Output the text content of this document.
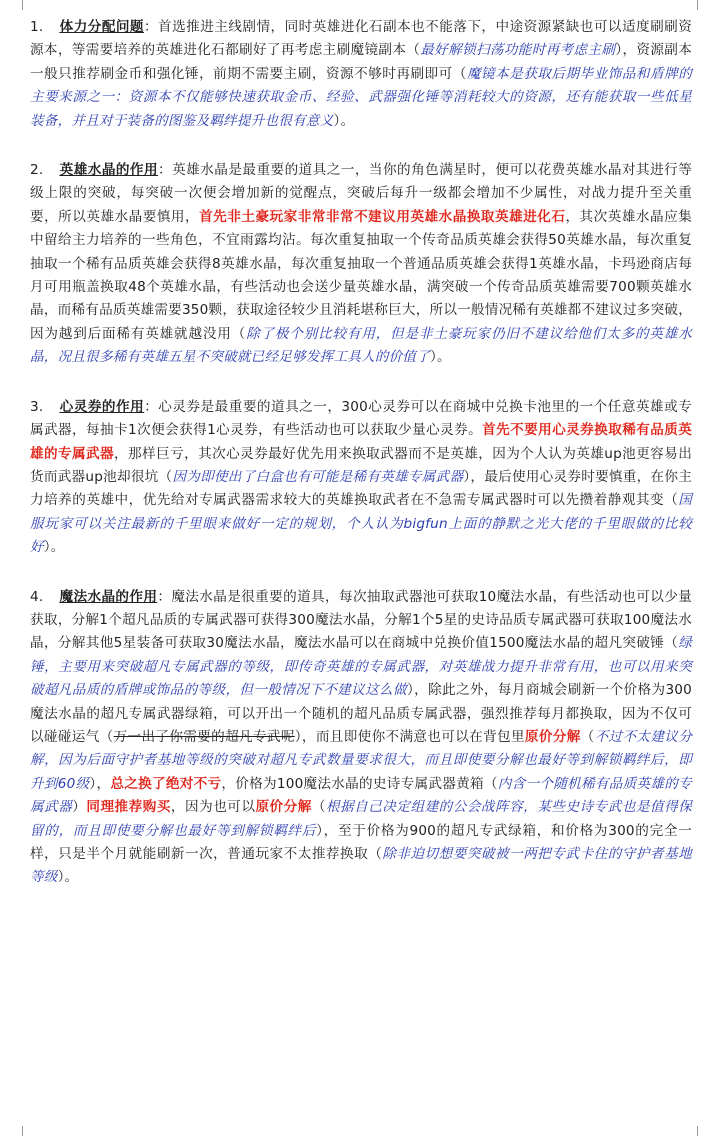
1. 体力分配问题：首选推进主线剧情，同时英雄进化石副本也不能落下，中途资源紧缺也可以适度刷刷资源本，等需要培养的英雄进化石都刷好了再考虑主刷魔镜副本（最好解锁扫荡功能时再考虑主刷），资源副本一般只推荐刷金币和强化锤，前期不需要主刷，资源不够时再刷即可（魔镜本是获取后期毕业饰品和盾牌的主要来源之一：资源本不仅能够快速获取金币、经验、武器强化锤等消耗较大的资源，还有能获取一些低星装备，并且对于装备的图鉴及羁绊提升也很有意义）。
2. 英雄水晶的作用：英雄水晶是最重要的道具之一，当你的角色满星时，便可以花费英雄水晶对其进行等级上限的突破，每突破一次便会增加新的觉醒点，突破后每升一级都会增加不少属性，对战力提升至关重要，所以英雄水晶要慎用，首先非土豪玩家非常非常不建议用英雄水晶换取英雄进化石，其次英雄水晶应集中留给主力培养的一些角色，不宜雨露均沾。每次重复抽取一个传奇品质英雄会获得50英雄水晶，每次重复抽取一个稀有品质英雄会获得8英雄水晶，每次重复抽取一个普通品质英雄会获得1英雄水晶，卡玛逊商店每月可用瓶盖换取48个英雄水晶，有些活动也会送少量英雄水晶，满突破一个传奇品质英雄需要700颗英雄水晶，而稀有品质英雄需要350颗，获取途径较少且消耗堪称巨大，所以一般情况稀有英雄都不建议过多突破，因为越到后面稀有英雄就越没用（除了极个别比较有用，但是非土豪玩家仍旧不建议给他们太多的英雄水晶，况且很多稀有英雄五星不突破就已经足够发挥工具人的价值了）。
3. 心灵券的作用：心灵券是最重要的道具之一，300心灵券可以在商城中兑换卡池里的一个任意英雄或专属武器，每抽卡1次便会获得1心灵券，有些活动也可以获取少量心灵券。首先不要用心灵券换取稀有品质英雄的专属武器，那样巨亏，其次心灵券最好优先用来换取武器而不是英雄，因为个人认为英雄up池更容易出货而武器up池却很坑（因为即使出了白盒也有可能是稀有英雄专属武器），最后使用心灵券时要慎重，在你主力培养的英雄中，优先给对专属武器需求较大的英雄换取武者在不急需专属武器时可以先攒着静观其变（国服玩家可以关注最新的千里眼来做好一定的规划，个人认为bigfun上面的静默之光大佬的千里眼做的比较好）。
4. 魔法水晶的作用：魔法水晶是很重要的道具，每次抽取武器池可获取10魔法水晶，有些活动也可以少量获取，分解1个超凡品质的专属武器可获得300魔法水晶，分解1个5星的史诗品质专属武器可获取100魔法水晶，分解其他5星装备可获取30魔法水晶，魔法水晶可以在商城中兑换价值1500魔法水晶的超凡突破锤（绿锤，主要用来突破超凡专属武器的等级，即传奇英雄的专属武器，对英雄战力提升非常有用，也可以用来突破超凡品质的盾牌或饰品的等级，但一般情况下不建议这么做），除此之外，每月商城会刷新一个价格为300魔法水晶的超凡专属武器绿箱，可以开出一个随机的超凡品质专属武器，强烈推荐每月都换取，因为不仅可以碰碰运气（万一出了你需要的超凡专武呢），而且即使你不满意也可以在背包里原价分解（不过不太建议分解，因为后面守护者基地等级的突破对超凡专武数量要求很大，而且即使要分解也最好等到解锁羁绊后，即升到60级），总之换了绝对不亏，价格为100魔法水晶的史诗专属武器黄箱（内含一个随机稀有品质英雄的专属武器）同理推荐购买，因为也可以原价分解（根据自己决定组建的公会战阵容，某些史诗专武也是值得保留的，而且即使要分解也最好等到解锁羁绊后），至于价格为900的超凡专武绿箱，和价格为300的完全一样，只是半个月就能刷新一次，普通玩家不太推荐换取（除非迫切想要突破被一两把专武卡住的守护者基地等级）。
